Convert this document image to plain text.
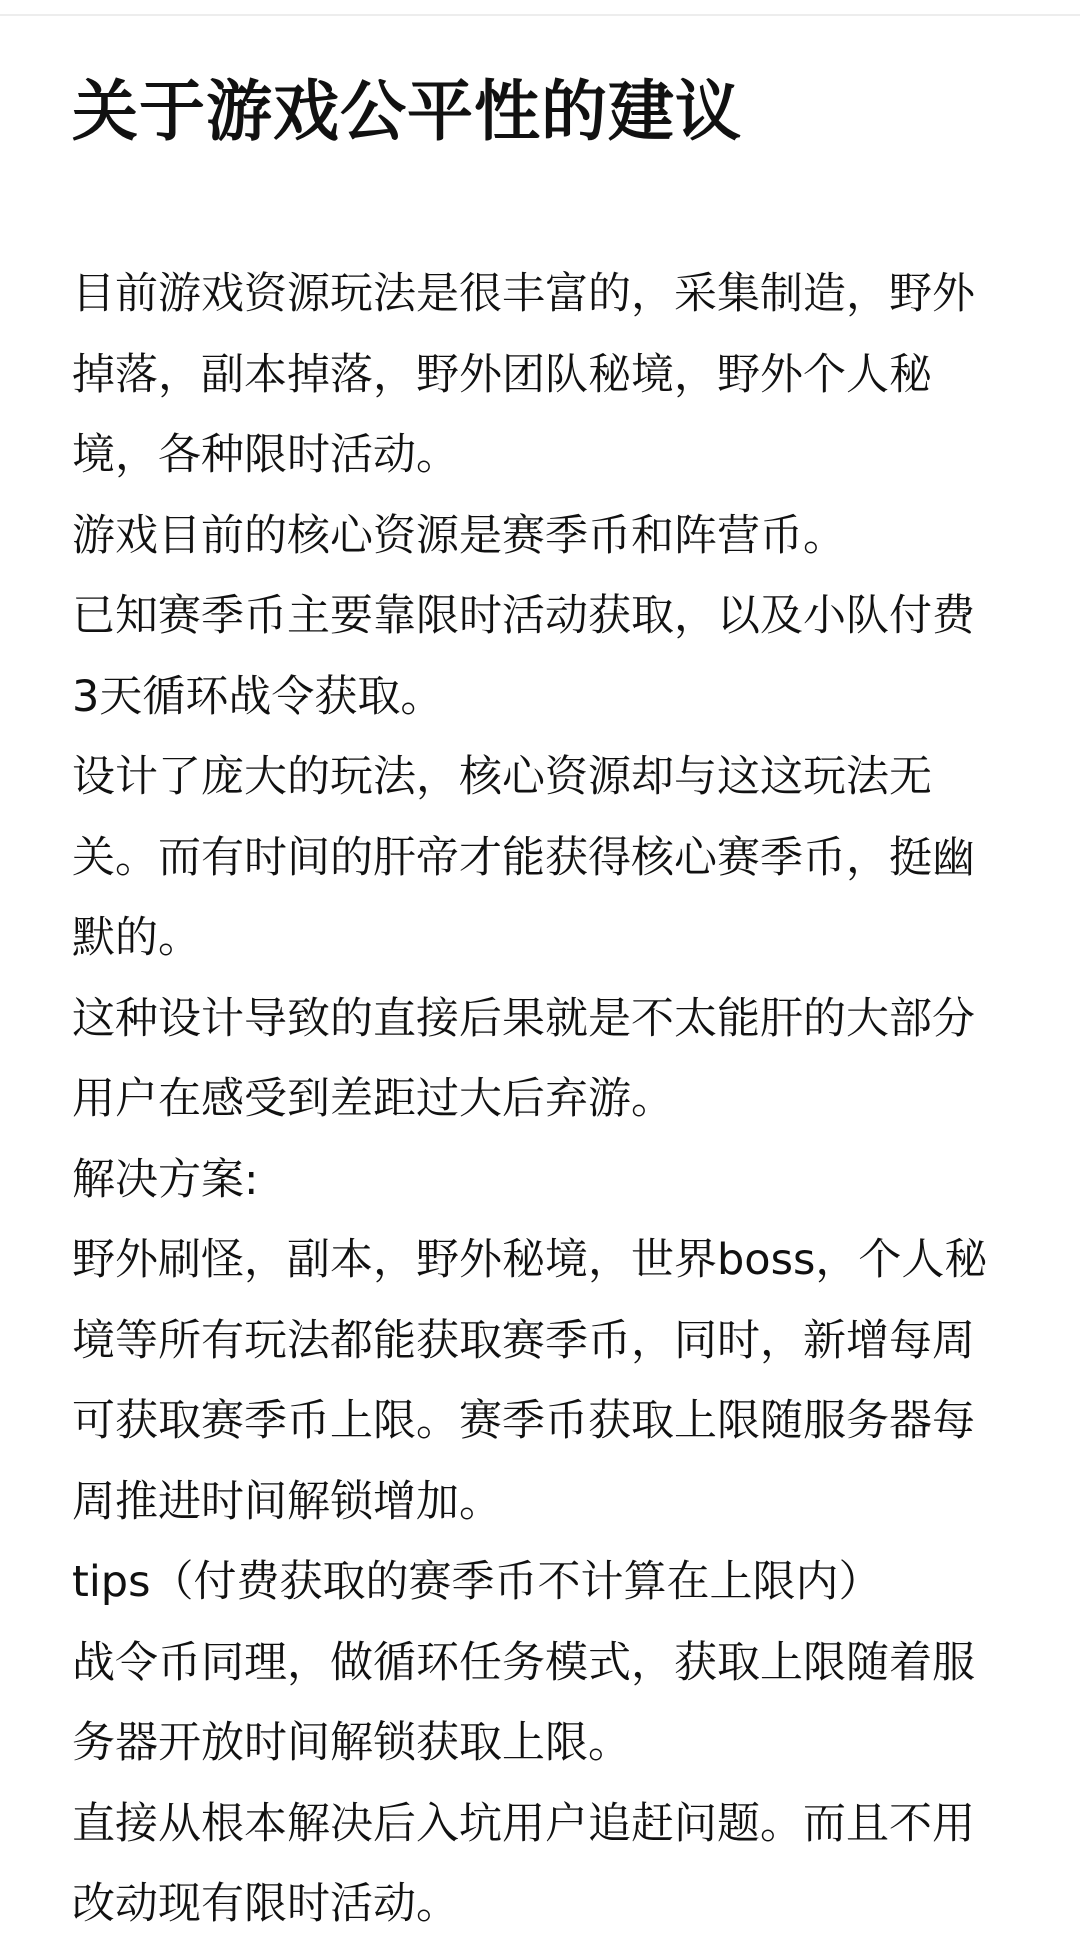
关于游戏公平性的建议

目前游戏资源玩法是很丰富的，采集制造，野外掉落，副本掉落，野外团队秘境，野外个人秘境，各种限时活动。

游戏目前的核心资源是赛季币和阵营币。

已知赛季币主要靠限时活动获取，以及小队付费3天循环战令获取。

设计了庞大的玩法，核心资源却与这这玩法无关。而有时间的肝帝才能获得核心赛季币，挺幽默的。

这种设计导致的直接后果就是不太能肝的大部分用户在感受到差距过大后弃游。

解决方案:

野外刷怪，副本，野外秘境，世界boss，个人秘境等所有玩法都能获取赛季币，同时，新增每周可获取赛季币上限。赛季币获取上限随服务器每周推进时间解锁增加。

tips（付费获取的赛季币不计算在上限内）

战令币同理，做循环任务模式，获取上限随着服务器开放时间解锁获取上限。

直接从根本解决后入坑用户追赶问题。而且不用改动现有限时活动。
